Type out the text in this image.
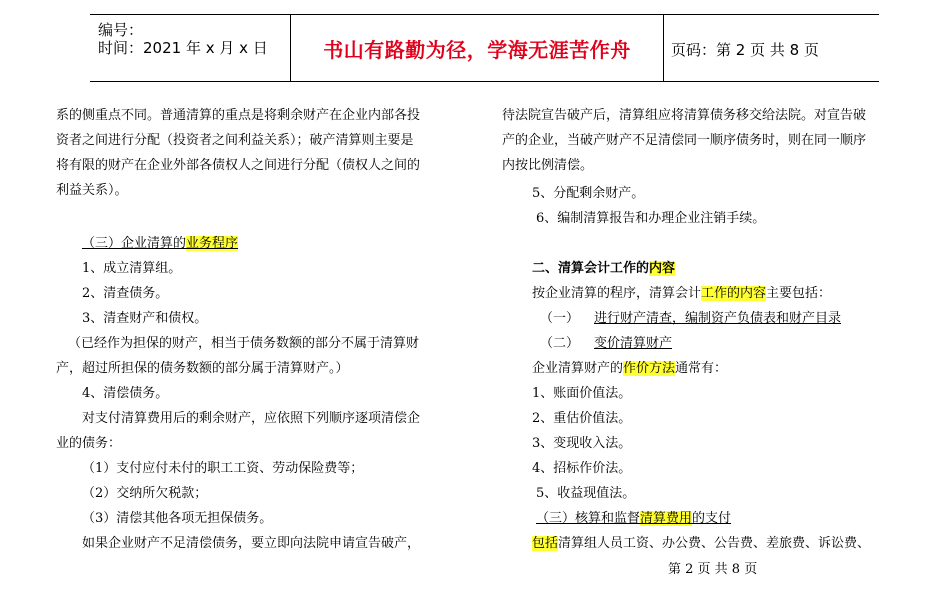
编号：
时间：2021 年 x 月 x 日	书山有路勤为径，学海无涯苦作舟	页码：第 2 页 共 8 页
系的侧重点不同。普通清算的重点是将剩余财产在企业内部各投
资者之间进行分配（投资者之间利益关系）；破产清算则主要是
将有限的财产在企业外部各债权人之间进行分配（债权人之间的
利益关系）。
（三）企业清算的业务程序
1、成立清算组。
2、清查债务。
3、清查财产和债权。
（已经作为担保的财产，相当于债务数额的部分不属于清算财
产，超过所担保的债务数额的部分属于清算财产。）
4、清偿债务。
对支付清算费用后的剩余财产，应依照下列顺序逐项清偿企
业的债务：
（1）支付应付未付的职工工资、劳动保险费等；
（2）交纳所欠税款；
（3）清偿其他各项无担保债务。
如果企业财产不足清偿债务，要立即向法院申请宣告破产，
待法院宣告破产后，清算组应将清算债务移交给法院。对宣告破
产的企业，当破产财产不足清偿同一顺序债务时，则在同一顺序
内按比例清偿。
5、分配剩余财产。
6、编制清算报告和办理企业注销手续。
二、清算会计工作的内容
按企业清算的程序，清算会计工作的内容主要包括：
（一） 进行财产清查，编制资产负债表和财产目录
（二） 变价清算财产
企业清算财产的作价方法通常有：
1、账面价值法。
2、重估价值法。
3、变现收入法。
4、招标作价法。
5、收益现值法。
（三）核算和监督清算费用的支付
包括清算组人员工资、办公费、公告费、差旅费、诉讼费、
第 2 页 共 8 页
